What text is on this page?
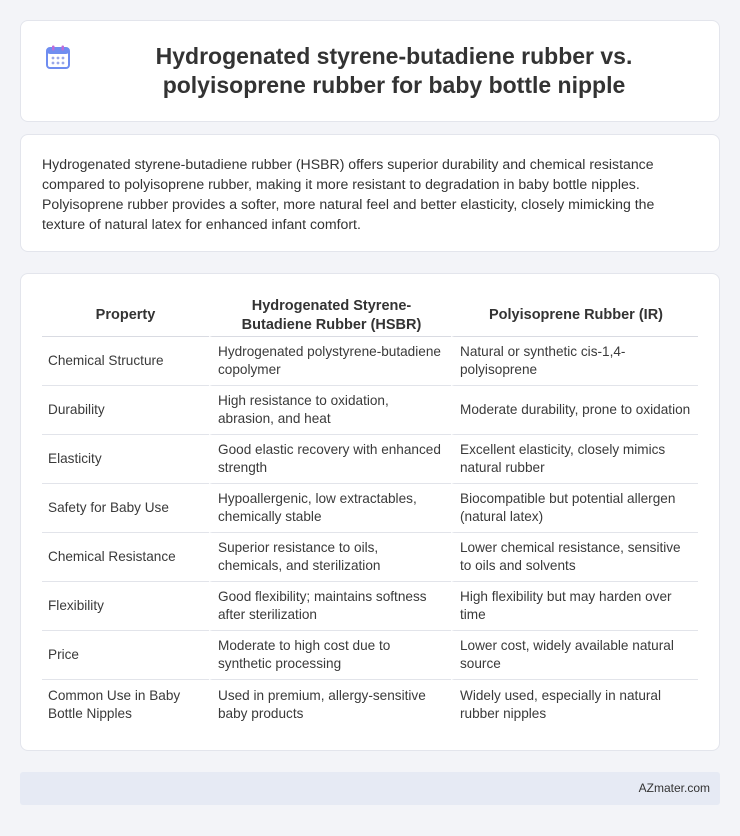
Hydrogenated styrene-butadiene rubber vs. polyisoprene rubber for baby bottle nipple

Hydrogenated styrene-butadiene rubber (HSBR) offers superior durability and chemical resistance compared to polyisoprene rubber, making it more resistant to degradation in baby bottle nipples. Polyisoprene rubber provides a softer, more natural feel and better elasticity, closely mimicking the texture of natural latex for enhanced infant comfort.

Property	Hydrogenated Styrene-Butadiene Rubber (HSBR)	Polyisoprene Rubber (IR)
Chemical Structure	Hydrogenated polystyrene-butadiene copolymer	Natural or synthetic cis-1,4-polyisoprene
Durability	High resistance to oxidation, abrasion, and heat	Moderate durability, prone to oxidation
Elasticity	Good elastic recovery with enhanced strength	Excellent elasticity, closely mimics natural rubber
Safety for Baby Use	Hypoallergenic, low extractables, chemically stable	Biocompatible but potential allergen (natural latex)
Chemical Resistance	Superior resistance to oils, chemicals, and sterilization	Lower chemical resistance, sensitive to oils and solvents
Flexibility	Good flexibility; maintains softness after sterilization	High flexibility but may harden over time
Price	Moderate to high cost due to synthetic processing	Lower cost, widely available natural source
Common Use in Baby Bottle Nipples	Used in premium, allergy-sensitive baby products	Widely used, especially in natural rubber nipples
AZmater.com
